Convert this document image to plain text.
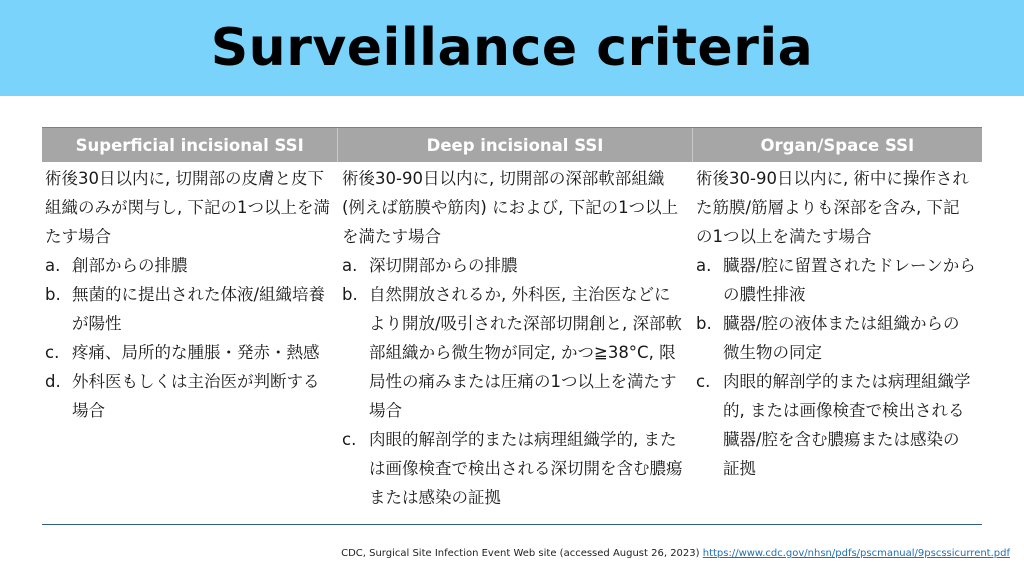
Surveillance criteria
Superficial incisional SSI	Deep incisional SSI	Organ/Space SSI

術後30日以内に, 切開部の皮膚と皮下組織のみが関与し, 下記の1つ以上を満たす場合

a. 創部からの排膿
b. 無菌的に提出された体液/組織培養が陽性
c. 疼痛、局所的な腫脹・発赤・熱感
d. 外科医もしくは主治医が判断する場合

術後30-90日以内に, 切開部の深部軟部組織(例えば筋膜や筋肉) におよび, 下記の1つ以上を満たす場合

a. 深切開部からの排膿
b. 自然開放されるか, 外科医, 主治医などにより開放/吸引された深部切開創と, 深部軟部組織から微生物が同定, かつ≧38°C, 限局性の痛みまたは圧痛の1つ以上を満たす場合
c. 肉眼的解剖学的または病理組織学的, または画像検査で検出される深切開を含む膿瘍または感染の証拠

術後30-90日以内に, 術中に操作された筋膜/筋層よりも深部を含み, 下記の1つ以上を満たす場合

a. 臓器/腔に留置されたドレーンからの膿性排液
b. 臓器/腔の液体または組織からの微生物の同定
c. 肉眼的解剖学的または病理組織学的, または画像検査で検出される臓器/腔を含む膿瘍または感染の証拠
CDC, Surgical Site Infection Event Web site (accessed August 26, 2023) https://www.cdc.gov/nhsn/pdfs/pscmanual/9pscssicurrent.pdf
